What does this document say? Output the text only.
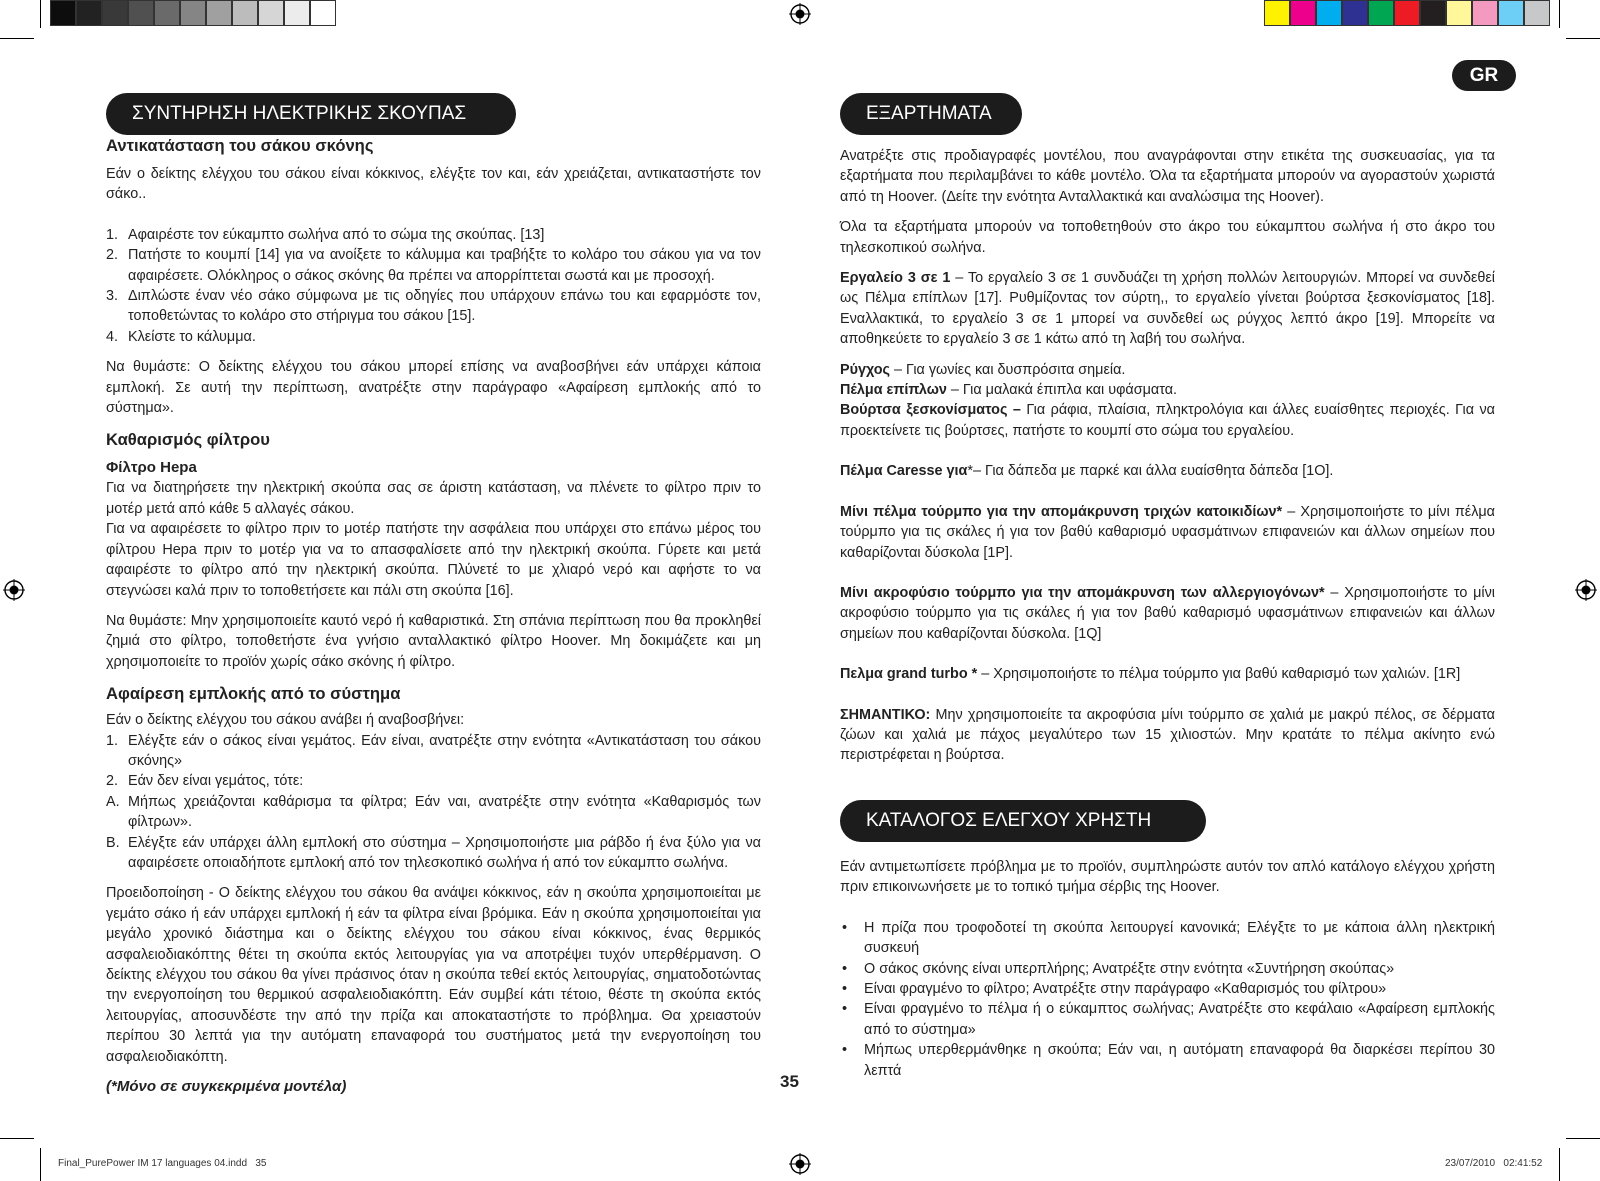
GR
ΣΥΝΤΗΡΗΣΗ ΗΛΕΚΤΡΙΚΗΣ ΣΚΟΥΠΑΣ
Αντικατάσταση του σάκου σκόνης

Εάν ο δείκτης ελέγχου του σάκου είναι κόκκινος, ελέγξτε τον και, εάν χρειάζεται, αντικαταστήστε τον σάκο..

1. Αφαιρέστε τον εύκαμπτο σωλήνα από το σώμα της σκούπας. [13]
2. Πατήστε το κουμπί [14] για να ανοίξετε το κάλυμμα και τραβήξτε το κολάρο του σάκου για να τον αφαιρέσετε. Ολόκληρος ο σάκος σκόνης θα πρέπει να απορρίπτεται σωστά και με προσοχή.
3. Διπλώστε έναν νέο σάκο σύμφωνα με τις οδηγίες που υπάρχουν επάνω του και εφαρμόστε τον, τοποθετώντας το κολάρο στο στήριγμα του σάκου [15].
4. Κλείστε το κάλυμμα.

Να θυμάστε: Ο δείκτης ελέγχου του σάκου μπορεί επίσης να αναβοσβήνει εάν υπάρχει κάποια εμπλοκή. Σε αυτή την περίπτωση, ανατρέξτε στην παράγραφο «Αφαίρεση εμπλοκής από το σύστημα».

Καθαρισμός φίλτρου
Φίλτρο Hepa

Για να διατηρήσετε την ηλεκτρική σκούπα σας σε άριστη κατάσταση, να πλένετε το φίλτρο πριν το μοτέρ μετά από κάθε 5 αλλαγές σάκου.

Για να αφαιρέσετε το φίλτρο πριν το μοτέρ πατήστε την ασφάλεια που υπάρχει στο επάνω μέρος του φίλτρου Hepa πριν το μοτέρ για να το απασφαλίσετε από την ηλεκτρική σκούπα. Γύρετε και μετά αφαιρέστε το φίλτρο από την ηλεκτρική σκούπα. Πλύνετέ το με χλιαρό νερό και αφήστε το να στεγνώσει καλά πριν το τοποθετήσετε και πάλι στη σκούπα [16].

Να θυμάστε: Μην χρησιμοποιείτε καυτό νερό ή καθαριστικά. Στη σπάνια περίπτωση που θα προκληθεί ζημιά στο φίλτρο, τοποθετήστε ένα γνήσιο ανταλλακτικό φίλτρο Hoover. Μη δοκιμάζετε και μη χρησιμοποιείτε το προϊόν χωρίς σάκο σκόνης ή φίλτρο.

Αφαίρεση εμπλοκής από το σύστημα

Εάν ο δείκτης ελέγχου του σάκου ανάβει ή αναβοσβήνει:

1. Ελέγξτε εάν ο σάκος είναι γεμάτος. Εάν είναι, ανατρέξτε στην ενότητα «Αντικατάσταση του σάκου σκόνης»
2. Εάν δεν είναι γεμάτος, τότε:
A. Μήπως χρειάζονται καθάρισμα τα φίλτρα; Εάν ναι, ανατρέξτε στην ενότητα «Καθαρισμός των φίλτρων».
B. Ελέγξτε εάν υπάρχει άλλη εμπλοκή στο σύστημα – Χρησιμοποιήστε μια ράβδο ή ένα ξύλο για να αφαιρέσετε οποιαδήποτε εμπλοκή από τον τηλεσκοπικό σωλήνα ή από τον εύκαμπτο σωλήνα.

Προειδοποίηση - Ο δείκτης ελέγχου του σάκου θα ανάψει κόκκινος, εάν η σκούπα χρησιμοποιείται με γεμάτο σάκο ή εάν υπάρχει εμπλοκή ή εάν τα φίλτρα είναι βρόμικα. Εάν η σκούπα χρησιμοποιείται για μεγάλο χρονικό διάστημα και ο δείκτης ελέγχου του σάκου είναι κόκκινος, ένας θερμικός ασφαλειοδιακόπτης θέτει τη σκούπα εκτός λειτουργίας για να αποτρέψει τυχόν υπερθέρμανση. Ο δείκτης ελέγχου του σάκου θα γίνει πράσινος όταν η σκούπα τεθεί εκτός λειτουργίας, σηματοδοτώντας την ενεργοποίηση του θερμικού ασφαλειοδιακόπτη. Εάν συμβεί κάτι τέτοιο, θέστε τη σκούπα εκτός λειτουργίας, αποσυνδέστε την από την πρίζα και αποκαταστήστε το πρόβλημα. Θα χρειαστούν περίπου 30 λεπτά για την αυτόματη επαναφορά του συστήματος μετά την ενεργοποίηση του ασφαλειοδιακόπτη.

(*Μόνο σε συγκεκριμένα μοντέλα)	35
ΕΞΑΡΤΗΜΑΤΑ

Ανατρέξτε στις προδιαγραφές μοντέλου, που αναγράφονται στην ετικέτα της συσκευασίας, για τα εξαρτήματα που περιλαμβάνει το κάθε μοντέλο. Όλα τα εξαρτήματα μπορούν να αγοραστούν χωριστά από τη Hoover. (Δείτε την ενότητα Ανταλλακτικά και αναλώσιμα της Hoover).

Όλα τα εξαρτήματα μπορούν να τοποθετηθούν στο άκρο του εύκαμπτου σωλήνα ή στο άκρο του τηλεσκοπικού σωλήνα.

Εργαλείο 3 σε 1 – Το εργαλείο 3 σε 1 συνδυάζει τη χρήση πολλών λειτουργιών. Μπορεί να συνδεθεί ως Πέλμα επίπλων [17]. Ρυθμίζοντας τον σύρτη,, το εργαλείο γίνεται βούρτσα ξεσκονίσματος [18]. Εναλλακτικά, το εργαλείο 3 σε 1 μπορεί να συνδεθεί ως ρύγχος λεπτό άκρο [19]. Μπορείτε να αποθηκεύετε το εργαλείο 3 σε 1 κάτω από τη λαβή του σωλήνα.

Ρύγχος – Για γωνίες και δυσπρόσιτα σημεία.

Πέλμα επίπλων – Για μαλακά έπιπλα και υφάσματα.

Βούρτσα ξεσκονίσματος – Για ράφια, πλαίσια, πληκτρολόγια και άλλες ευαίσθητες περιοχές. Για να προεκτείνετε τις βούρτσες, πατήστε το κουμπί στο σώμα του εργαλείου.

Πέλμα Caresse για*– Για δάπεδα με παρκέ και άλλα ευαίσθητα δάπεδα [1O].

Μίνι πέλμα τούρμπο για την απομάκρυνση τριχών κατοικιδίων* – Χρησιμοποιήστε το μίνι πέλμα τούρμπο για τις σκάλες ή για τον βαθύ καθαρισμό υφασμάτινων επιφανειών και άλλων σημείων που καθαρίζονται δύσκολα [1P].

Μίνι ακροφύσιο τούρμπο για την απομάκρυνση των αλλεργιογόνων* – Χρησιμοποιήστε το μίνι ακροφύσιο τούρμπο για τις σκάλες ή για τον βαθύ καθαρισμό υφασμάτινων επιφανειών και άλλων σημείων που καθαρίζονται δύσκολα. [1Q]

Πελμα grand turbo * – Χρησιμοποιήστε το πέλμα τούρμπο για βαθύ καθαρισμό των χαλιών. [1R]

ΣΗΜΑΝΤΙΚΟ: Μην χρησιμοποιείτε τα ακροφύσια μίνι τούρμπο σε χαλιά με μακρύ πέλος, σε δέρματα ζώων και χαλιά με πάχος μεγαλύτερο των 15 χιλιοστών. Μην κρατάτε το πέλμα ακίνητο ενώ περιστρέφεται η βούρτσα.

ΚΑΤΑΛΟΓΟΣ ΕΛΕΓΧΟΥ ΧΡΗΣΤΗ

Εάν αντιμετωπίσετε πρόβλημα με το προϊόν, συμπληρώστε αυτόν τον απλό κατάλογο ελέγχου χρήστη πριν επικοινωνήσετε με το τοπικό τμήμα σέρβις της Hoover.

• Η πρίζα που τροφοδοτεί τη σκούπα λειτουργεί κανονικά; Ελέγξτε το με κάποια άλλη ηλεκτρική συσκευή
• Ο σάκος σκόνης είναι υπερπλήρης; Ανατρέξτε στην ενότητα «Συντήρηση σκούπας»
• Είναι φραγμένο το φίλτρο; Ανατρέξτε στην παράγραφο «Καθαρισμός του φίλτρου»
• Είναι φραγμένο το πέλμα ή ο εύκαμπτος σωλήνας; Ανατρέξτε στο κεφάλαιο «Αφαίρεση εμπλοκής από το σύστημα»
• Μήπως υπερθερμάνθηκε η σκούπα; Εάν ναι, η αυτόματη επαναφορά θα διαρκέσει περίπου 30 λεπτά
Final_PurePower IM 17 languages 04.indd   35	23/07/2010   02:41:52
